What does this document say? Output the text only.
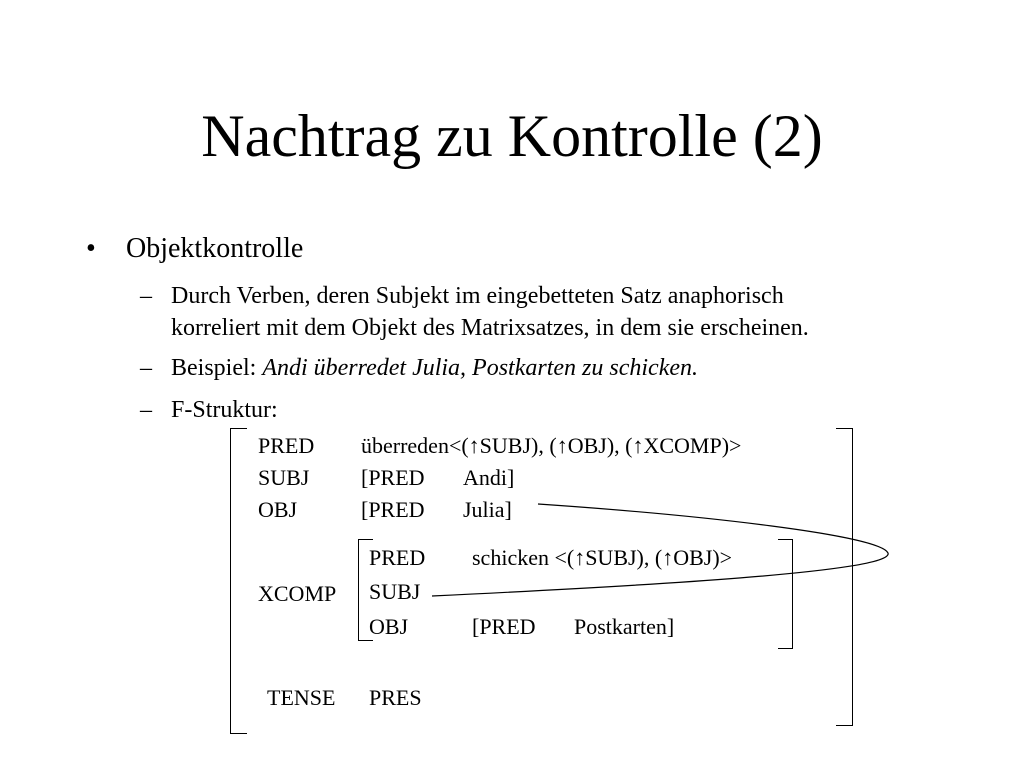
Nachtrag zu Kontrolle (2)
• Objektkontrolle
– Durch Verben, deren Subjekt im eingebetteten Satz anaphorisch
korreliert mit dem Objekt des Matrixsatzes, in dem sie erscheinen.
– Beispiel: Andi überredet Julia, Postkarten zu schicken.
– F-Struktur:
PRED überreden<(↑SUBJ), (↑OBJ), (↑XCOMP)>
SUBJ [PRED Andi]
OBJ	[PRED Julia]
XCOMP
PRED schicken <(↑SUBJ), (↑OBJ)>
SUBJ
OBJ	[PRED Postkarten]
TENSE PRES
